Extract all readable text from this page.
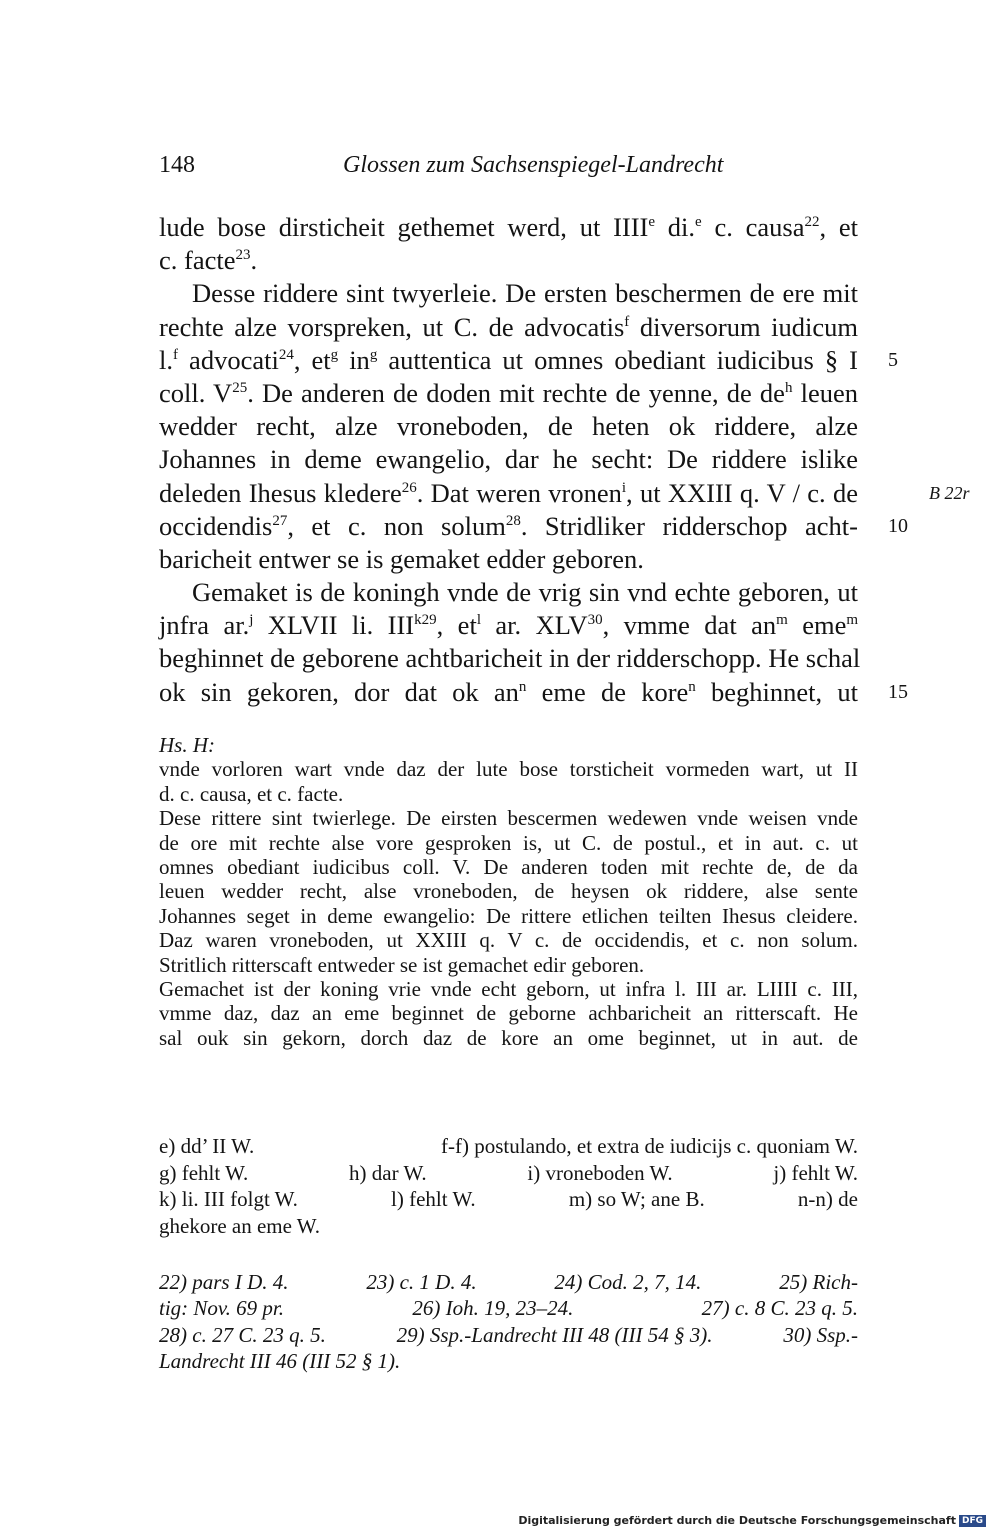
148	Glossen zum Sachsenspiegel-Landrecht
lude bose dirsticheit gethemet werd, ut IIIIe di.$^e$ c. causa$^{22}$, et
c. facte$^{23}$.
Desse riddere sint twyerleie. De ersten beschermen de ere mit
rechte alze vorspreken, ut C. de advocatis$^f$ diversorum iudicum
l.$^f$ advocati$^{24}$, $et^g$ $in^g$ auttentica ut omnes obediant iudicibus § I 5
coll. $V^{25}$. De anderen de doden mit rechte de yenne, de $de^h$ leuen
wedder recht, alze vroneboden, de heten ok riddere, alze
Johannes in deme ewangelio, dar he secht: De riddere islike
deleden Ihesus kledere$^{26}$. Dat weren vronen$^i$, ut XXIII q. V / c. de	B 22r
occidendis$^{27}$, et c. non solum$^{28}$. Stridliker ridderschop acht- 10
baricheit entwer se is gemaket edder geboren.
Gemaket is de koningh vnde de vrig sin vnd echte geboren, ut
jnfra ar.$^j$ XLVII li. $III^{k29}$, $et^l$ ar. XLV$^{30}$, vmme dat $an^m$ eme$^m$
beghinnet de geborene achtbaricheit in der ridderschopp. He schal
ok sin gekoren, dor dat ok $an^n$ eme de kore$^n$ beghinnet, ut 15
Hs. H:
vnde vorloren wart vnde daz der lute bose torsticheit vormeden wart, ut II
d. c. causa, et c. facte.
Dese rittere sint twierlege. De eirsten bescermen wedewen vnde weisen vnde
de ore mit rechte alse vore gesproken is, ut C. de postul., et in aut. c. ut
omnes obediant iudicibus coll. V. De anderen toden mit rechte de, de da
leuen wedder recht, alse vroneboden, de heysen ok riddere, alse sente
Johannes seget in deme ewangelio: De rittere etlichen teilten Ihesus cleidere.
Daz waren vroneboden, ut XXIII q. V c. de occidendis, et c. non solum.
Stritlich ritterscaft entweder se ist gemachet edir geboren.
Gemachet ist der koning vrie vnde echt geborn, ut infra l. III ar. LIIII c. III,
vmme daz, daz an eme beginnet de geborne achbaricheit an ritterscaft. He
sal ouk sin gekorn, dorch daz de kore an ome beginnet, ut in aut. de
e) dd’ II W.	f-f) postulando, et extra de iudicijs c. quoniam W.
g) fehlt W.	h) dar W.	i) vroneboden W.	j) fehlt W.
k) li. III folgt W.	l) fehlt W.	m) so W; ane B.	n-n) de
ghekore an eme W.
22) pars I D. 4.	23) c. 1 D. 4.	24) Cod. 2, 7, 14.	25) Rich-
tig: Nov. 69 pr.	26) Ioh. 19, 23–24.	27) c. 8 C. 23 q. 5.
28) c. 27 C. 23 q. 5.	29) Ssp.-Landrecht III 48 (III 54 § 3).	30) Ssp.-
Landrecht III 46 (III 52 § 1).
Digitalisierung gefördert durch die Deutsche Forschungsgemeinschaft DFG
